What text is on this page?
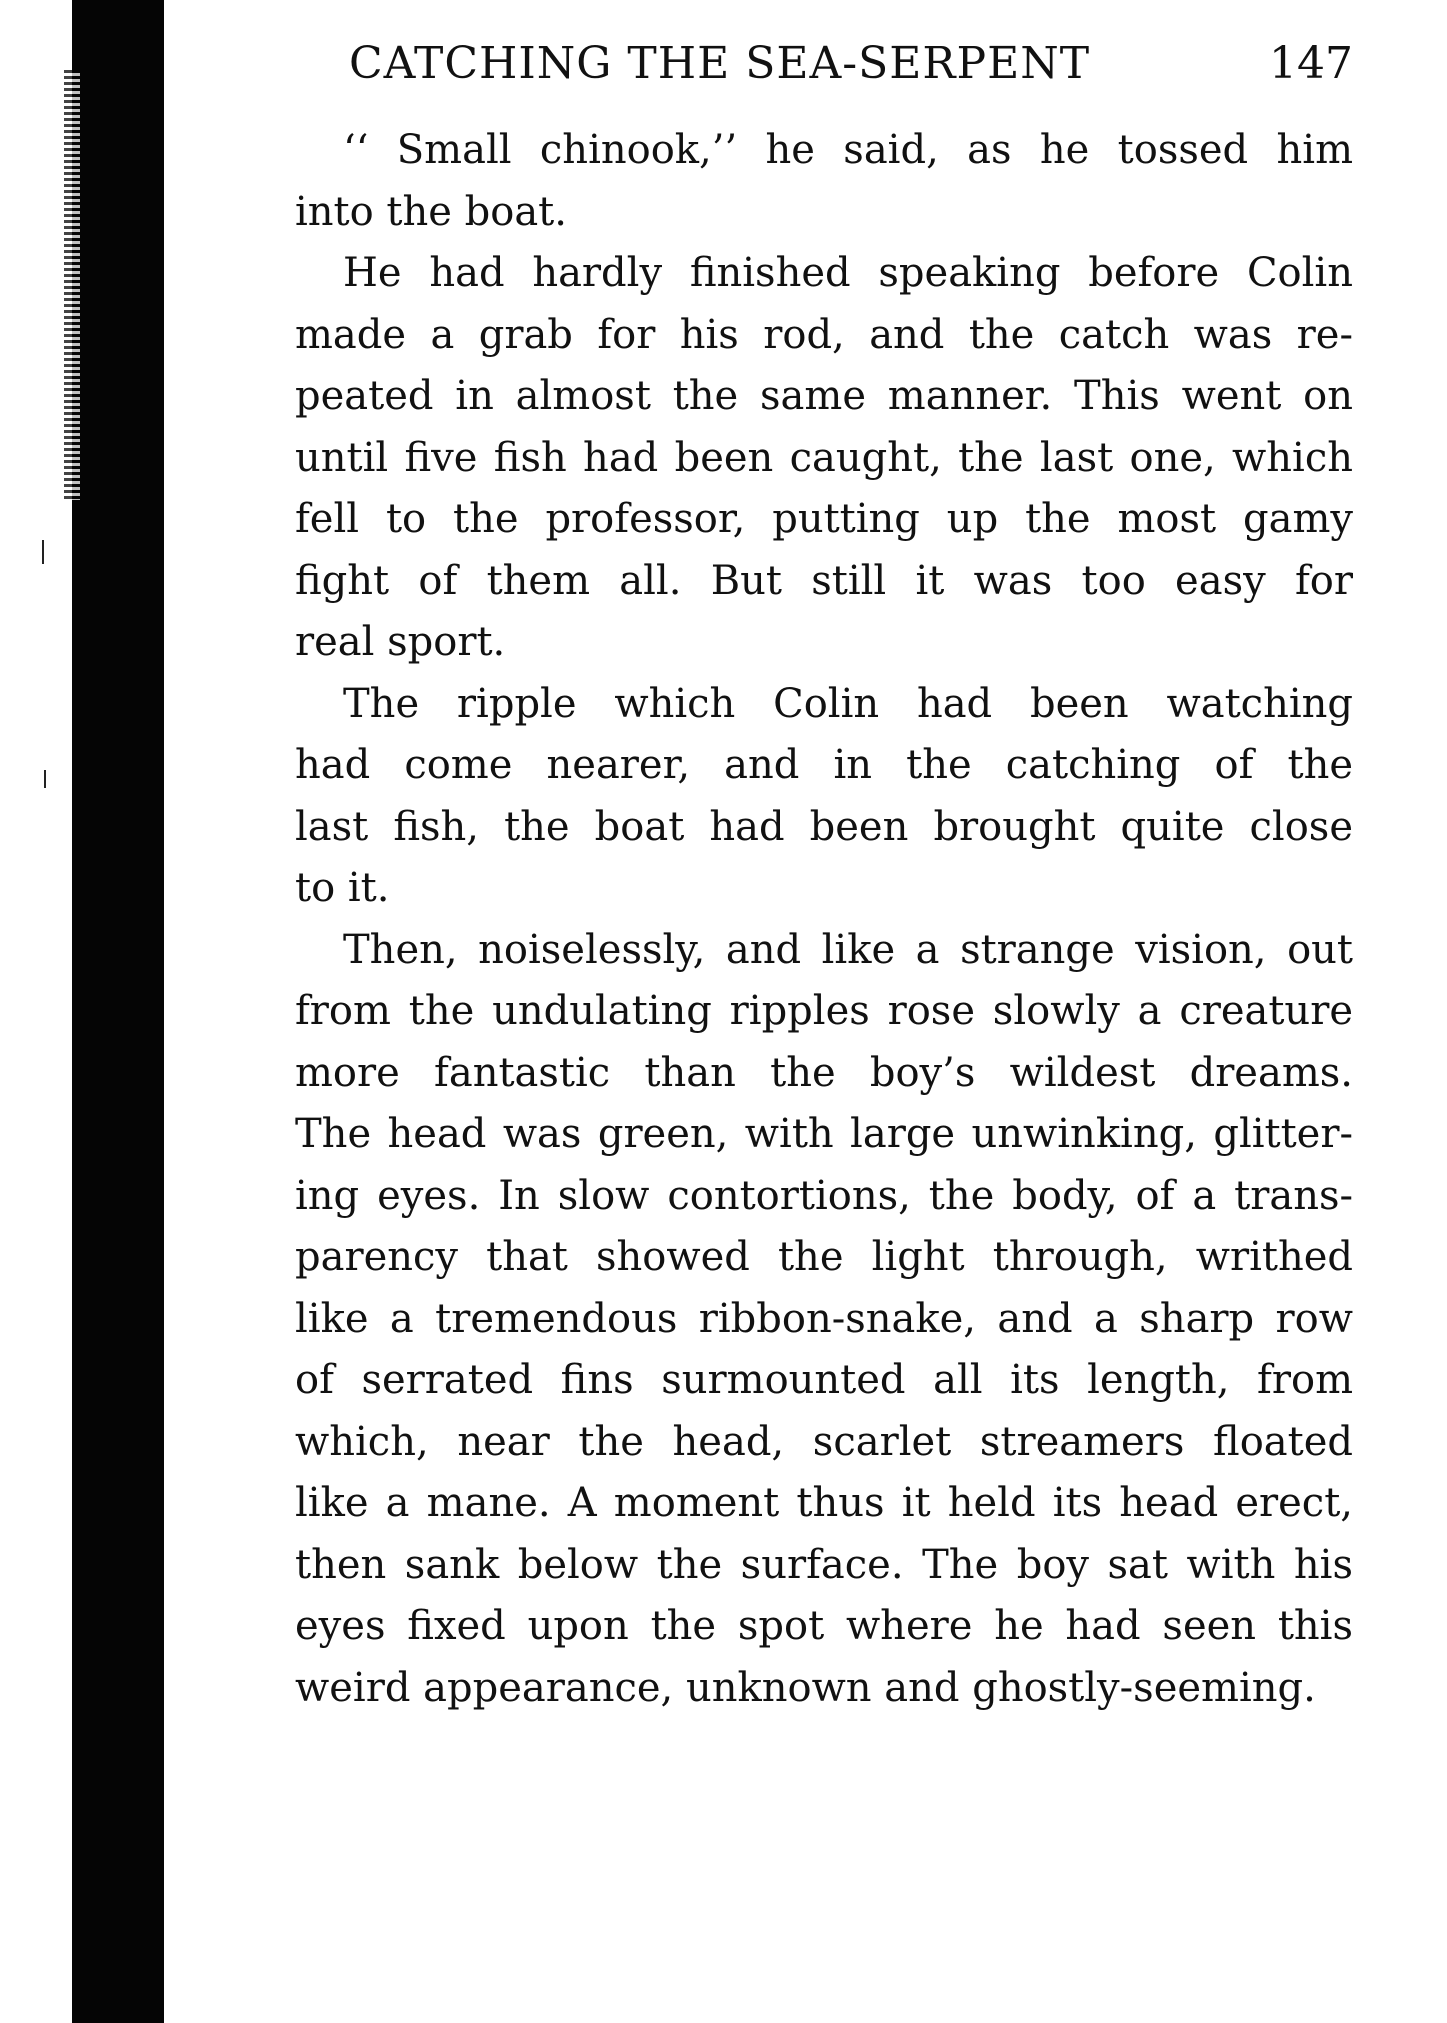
CATCHING THE SEA-SERPENT	147
‘‘ Small chinook,’’ he said, as he tossed him
into the boat.
He had hardly finished speaking before Colin
made a grab for his rod, and the catch was re-
peated in almost the same manner. This went on
until five fish had been caught, the last one, which
fell to the professor, putting up the most gamy
fight of them all. But still it was too easy for
real sport.
The ripple which Colin had been watching
had come nearer, and in the catching of the
last fish, the boat had been brought quite close
to it.
Then, noiselessly, and like a strange vision, out
from the undulating ripples rose slowly a creature
more fantastic than the boy’s wildest dreams.
The head was green, with large unwinking, glitter-
ing eyes. In slow contortions, the body, of a trans-
parency that showed the light through, writhed
like a tremendous ribbon-snake, and a sharp row
of serrated fins surmounted all its length, from
which, near the head, scarlet streamers floated
like a mane. A moment thus it held its head erect,
then sank below the surface. The boy sat with his
eyes fixed upon the spot where he had seen this
weird appearance, unknown and ghostly-seeming.
